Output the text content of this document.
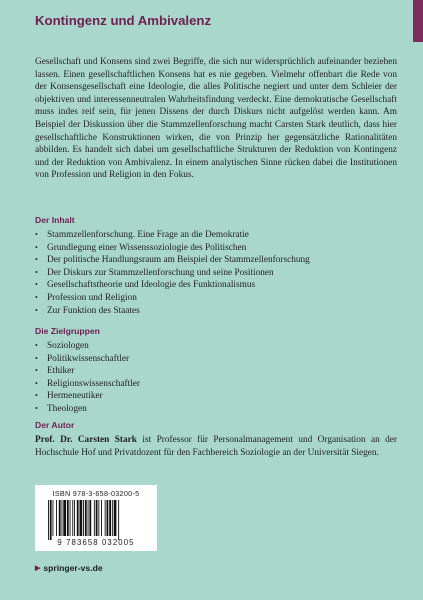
Kontingenz und Ambivalenz

Gesellschaft und Konsens sind zwei Begriffe, die sich nur widersprüchlich aufeinander beziehen lassen. Einen gesellschaftlichen Konsens hat es nie gegeben. Vielmehr offenbart die Rede von der Konsensgesellschaft eine Ideologie, die alles Politische negiert und unter dem Schleier der objektiven und interessenneutralen Wahrheitsfindung verdeckt. Eine demokratische Gesellschaft muss indes reif sein, für jenen Dissens der durch Diskurs nicht aufgelöst werden kann. Am Beispiel der Diskussion über die Stammzellenforschung macht Carsten Stark deutlich, dass hier gesellschaftliche Konstruktionen wirken, die von Prinzip her gegensätzliche Rationalitäten abbilden. Es handelt sich dabei um gesellschaftliche Strukturen der Reduktion von Kontingenz und der Reduktion von Ambivalenz. In einem analytischen Sinne rücken dabei die Institutionen von Profession und Religion in den Fokus.

Der Inhalt
• Stammzellenforschung. Eine Frage an die Demokratie
• Grundlegung einer Wissenssoziologie des Politischen
• Der politische Handlungsraum am Beispiel der Stammzellenforschung
• Der Diskurs zur Stammzellenforschung und seine Positionen
• Gesellschaftstheorie und Ideologie des Funktionalismus
• Profession und Religion
• Zur Funktion des Staates
Die Zielgruppen
• Soziologen
• Politikwissenschaftler
• Ethiker
• Religionswissenschaftler
• Hermeneutiker
• Theologen
Der Autor

Prof. Dr. Carsten Stark ist Professor für Personalmanagement und Organisation an der Hochschule Hof und Privatdozent für den Fachbereich Soziologie an der Universität Siegen.

ISBN 978-3-658-03200-5
9 783658 032005
▶ springer-vs.de
